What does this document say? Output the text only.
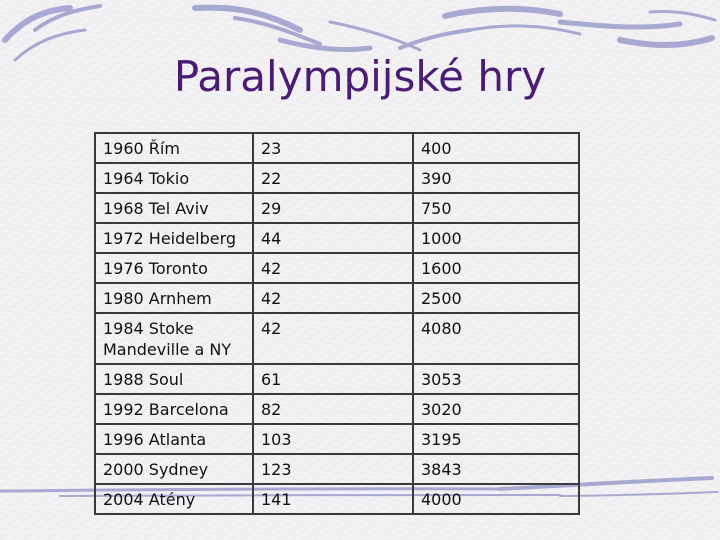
Paralympijské hry
1960 Řím	23	400
1964 Tokio	22	390
1968 Tel Aviv	29	750
1972 Heidelberg	44	1000
1976 Toronto	42	1600
1980 Arnhem	42	2500
1984 Stoke Mandeville a NY	42	4080
1988 Soul	61	3053
1992 Barcelona	82	3020
1996 Atlanta	103	3195
2000 Sydney	123	3843
2004 Atény	141	4000
